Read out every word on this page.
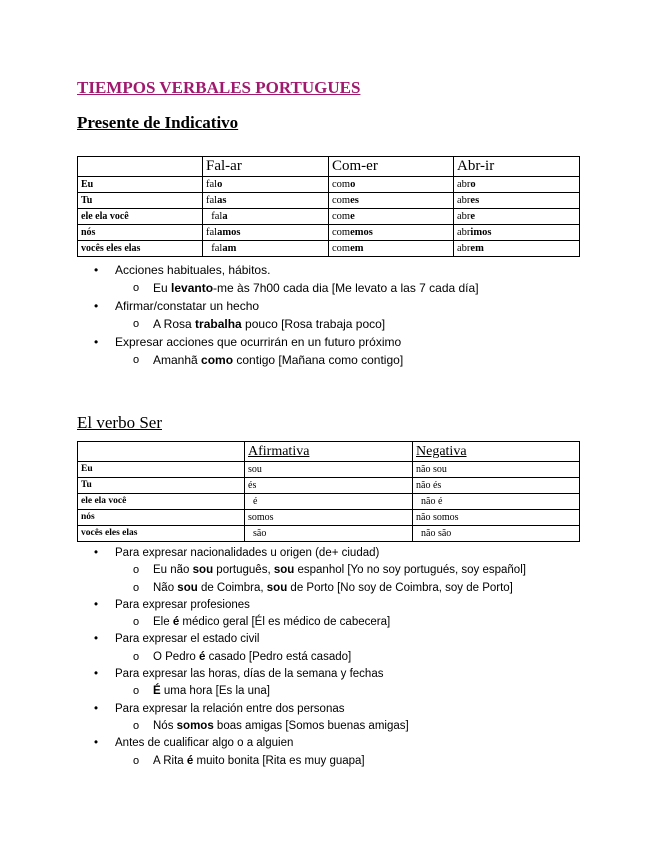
TIEMPOS VERBALES PORTUGUES
Presente de Indicativo
	Fal-ar	Com-er	Abr-ir
Eu	falo	como	abro
Tu	falas	comes	abres
ele ela você	fala	come	abre
nós	falamos	comemos	abrimos
vocês eles elas	falam	comem	abrem
• Acciones habituales, hábitos.
o Eu levanto-me às 7h00 cada dia [Me levato a las 7 cada día]
• Afirmar/constatar un hecho
o A Rosa trabalha pouco [Rosa trabaja poco]
• Expresar acciones que ocurrirán en un futuro próximo
o Amanhã como contigo [Mañana como contigo]
El verbo Ser
	Afirmativa	Negativa
Eu	sou	não sou
Tu	és	não és
ele ela você	é	não é
nós	somos	não somos
vocês eles elas	são	não são
• Para expresar nacionalidades u origen (de+ ciudad)
o Eu não sou português, sou espanhol [Yo no soy portugués, soy español]
o Não sou de Coimbra, sou de Porto [No soy de Coimbra, soy de Porto]
• Para expresar profesiones
o Ele é médico geral [Él es médico de cabecera]
• Para expresar el estado civil
o O Pedro é casado [Pedro está casado]
• Para expresar las horas, días de la semana y fechas
o É uma hora [Es la una]
• Para expresar la relación entre dos personas
o Nós somos boas amigas [Somos buenas amigas]
• Antes de cualificar algo o a alguien
o A Rita é muito bonita [Rita es muy guapa]
